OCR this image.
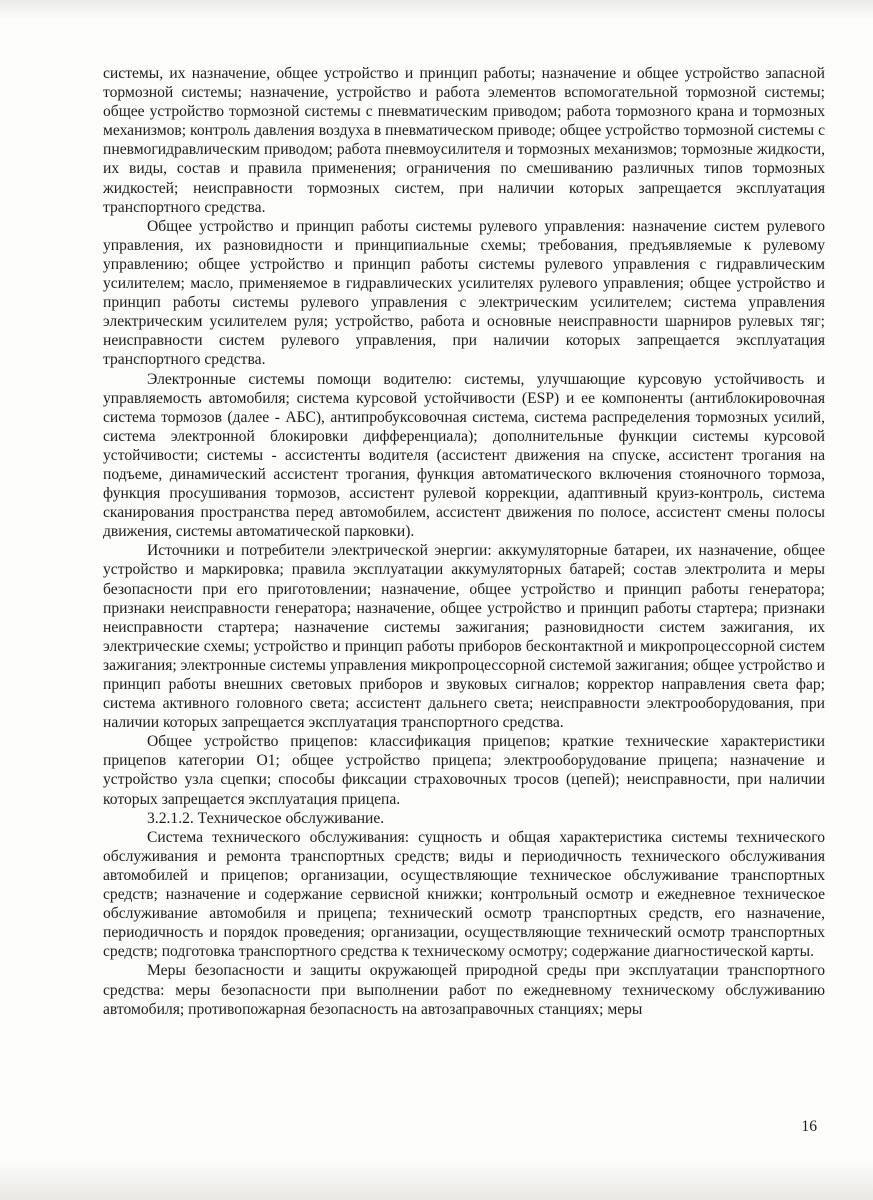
системы, их назначение, общее устройство и принцип работы; назначение и общее устройство запасной тормозной системы; назначение, устройство и работа элементов вспомогательной тормозной системы; общее устройство тормозной системы с пневматическим приводом; работа тормозного крана и тормозных механизмов; контроль давления воздуха в пневматическом приводе; общее устройство тормозной системы с пневмогидравлическим приводом; работа пневмоусилителя и тормозных механизмов; тормозные жидкости, их виды, состав и правила применения; ограничения по смешиванию различных типов тормозных жидкостей; неисправности тормозных систем, при наличии которых запрещается эксплуатация транспортного средства.

Общее устройство и принцип работы системы рулевого управления: назначение систем рулевого управления, их разновидности и принципиальные схемы; требования, предъявляемые к рулевому управлению; общее устройство и принцип работы системы рулевого управления с гидравлическим усилителем; масло, применяемое в гидравлических усилителях рулевого управления; общее устройство и принцип работы системы рулевого управления с электрическим усилителем; система управления электрическим усилителем руля; устройство, работа и основные неисправности шарниров рулевых тяг; неисправности систем рулевого управления, при наличии которых запрещается эксплуатация транспортного средства.

Электронные системы помощи водителю: системы, улучшающие курсовую устойчивость и управляемость автомобиля; система курсовой устойчивости (ESP) и ее компоненты (антиблокировочная система тормозов (далее - АБС), антипробуксовочная система, система распределения тормозных усилий, система электронной блокировки дифференциала); дополнительные функции системы курсовой устойчивости; системы - ассистенты водителя (ассистент движения на спуске, ассистент трогания на подъеме, динамический ассистент трогания, функция автоматического включения стояночного тормоза, функция просушивания тормозов, ассистент рулевой коррекции, адаптивный круиз-контроль, система сканирования пространства перед автомобилем, ассистент движения по полосе, ассистент смены полосы движения, системы автоматической парковки).

Источники и потребители электрической энергии: аккумуляторные батареи, их назначение, общее устройство и маркировка; правила эксплуатации аккумуляторных батарей; состав электролита и меры безопасности при его приготовлении; назначение, общее устройство и принцип работы генератора; признаки неисправности генератора; назначение, общее устройство и принцип работы стартера; признаки неисправности стартера; назначение системы зажигания; разновидности систем зажигания, их электрические схемы; устройство и принцип работы приборов бесконтактной и микропроцессорной систем зажигания; электронные системы управления микропроцессорной системой зажигания; общее устройство и принцип работы внешних световых приборов и звуковых сигналов; корректор направления света фар; система активного головного света; ассистент дальнего света; неисправности электрооборудования, при наличии которых запрещается эксплуатация транспортного средства.

Общее устройство прицепов: классификация прицепов; краткие технические характеристики прицепов категории O1; общее устройство прицепа; электрооборудование прицепа; назначение и устройство узла сцепки; способы фиксации страховочных тросов (цепей); неисправности, при наличии которых запрещается эксплуатация прицепа.

3.2.1.2. Техническое обслуживание.

Система технического обслуживания: сущность и общая характеристика системы технического обслуживания и ремонта транспортных средств; виды и периодичность технического обслуживания автомобилей и прицепов; организации, осуществляющие техническое обслуживание транспортных средств; назначение и содержание сервисной книжки; контрольный осмотр и ежедневное техническое обслуживание автомобиля и прицепа; технический осмотр транспортных средств, его назначение, периодичность и порядок проведения; организации, осуществляющие технический осмотр транспортных средств; подготовка транспортного средства к техническому осмотру; содержание диагностической карты.

Меры безопасности и защиты окружающей природной среды при эксплуатации транспортного средства: меры безопасности при выполнении работ по ежедневному техническому обслуживанию автомобиля; противопожарная безопасность на автозаправочных станциях; меры

16
